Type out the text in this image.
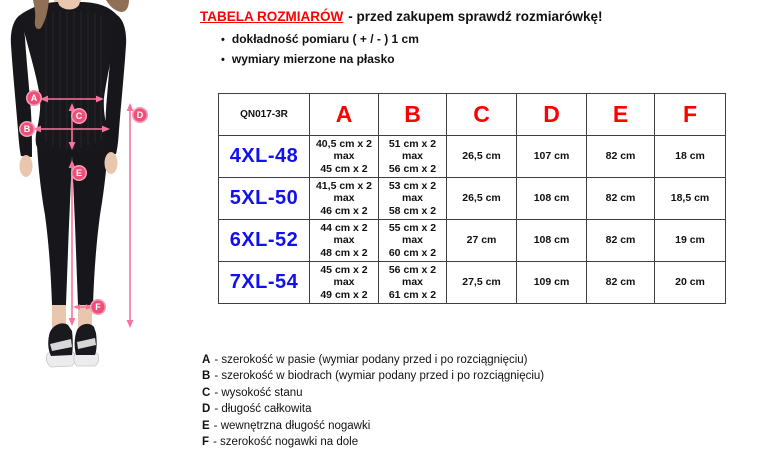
A
B
C	D
E
F
TABELA ROZMIARÓW - przed zakupem sprawdź rozmiarówkę!
• dokładność pomiaru ( + / - ) 1 cm
• wymiary mierzone na płasko
QN017-3R	A	B	C	D	E	F
4XL-48	40,5 cm x 2
max
45 cm x 2	51 cm x 2
max
56 cm x 2	26,5 cm	107 cm	82 cm	18 cm

5XL-50	41,5 cm x 2
max
46 cm x 2	53 cm x 2
max
58 cm x 2	26,5 cm	108 cm	82 cm	18,5 cm

6XL-52	44 cm x 2
max
48 cm x 2	55 cm x 2
max
60 cm x 2	27 cm	108 cm	82 cm	19 cm

7XL-54	45 cm x 2
max
49 cm x 2	56 cm x 2
max
61 cm x 2	27,5 cm	109 cm	82 cm	20 cm
A - szerokość w pasie (wymiar podany przed i po rozciągnięciu)
B - szerokość w biodrach (wymiar podany przed i po rozciągnięciu)
C - wysokość stanu
D - długość całkowita
E - wewnętrzna długość nogawki
F - szerokość nogawki na dole
